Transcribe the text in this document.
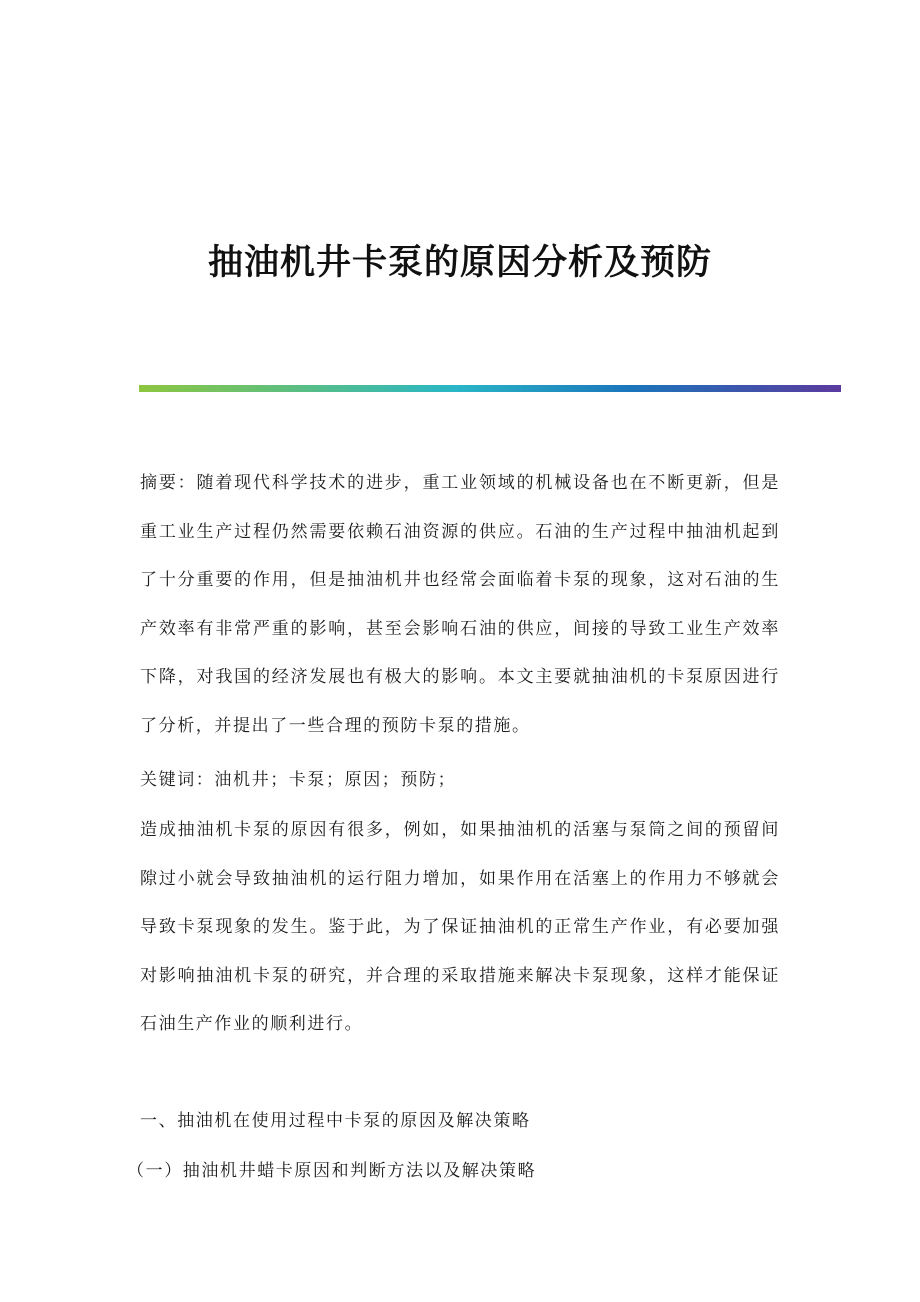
抽油机井卡泵的原因分析及预防

摘要：随着现代科学技术的进步，重工业领域的机械设备也在不断更新，但是重工业生产过程仍然需要依赖石油资源的供应。石油的生产过程中抽油机起到了十分重要的作用，但是抽油机井也经常会面临着卡泵的现象，这对石油的生产效率有非常严重的影响，甚至会影响石油的供应，间接的导致工业生产效率下降，对我国的经济发展也有极大的影响。本文主要就抽油机的卡泵原因进行了分析，并提出了一些合理的预防卡泵的措施。

关键词：油机井；卡泵；原因；预防；

造成抽油机卡泵的原因有很多，例如，如果抽油机的活塞与泵筒之间的预留间隙过小就会导致抽油机的运行阻力增加，如果作用在活塞上的作用力不够就会导致卡泵现象的发生。鉴于此，为了保证抽油机的正常生产作业，有必要加强对影响抽油机卡泵的研究，并合理的采取措施来解决卡泵现象，这样才能保证石油生产作业的顺利进行。

一、抽油机在使用过程中卡泵的原因及解决策略

（一）抽油机井蜡卡原因和判断方法以及解决策略
